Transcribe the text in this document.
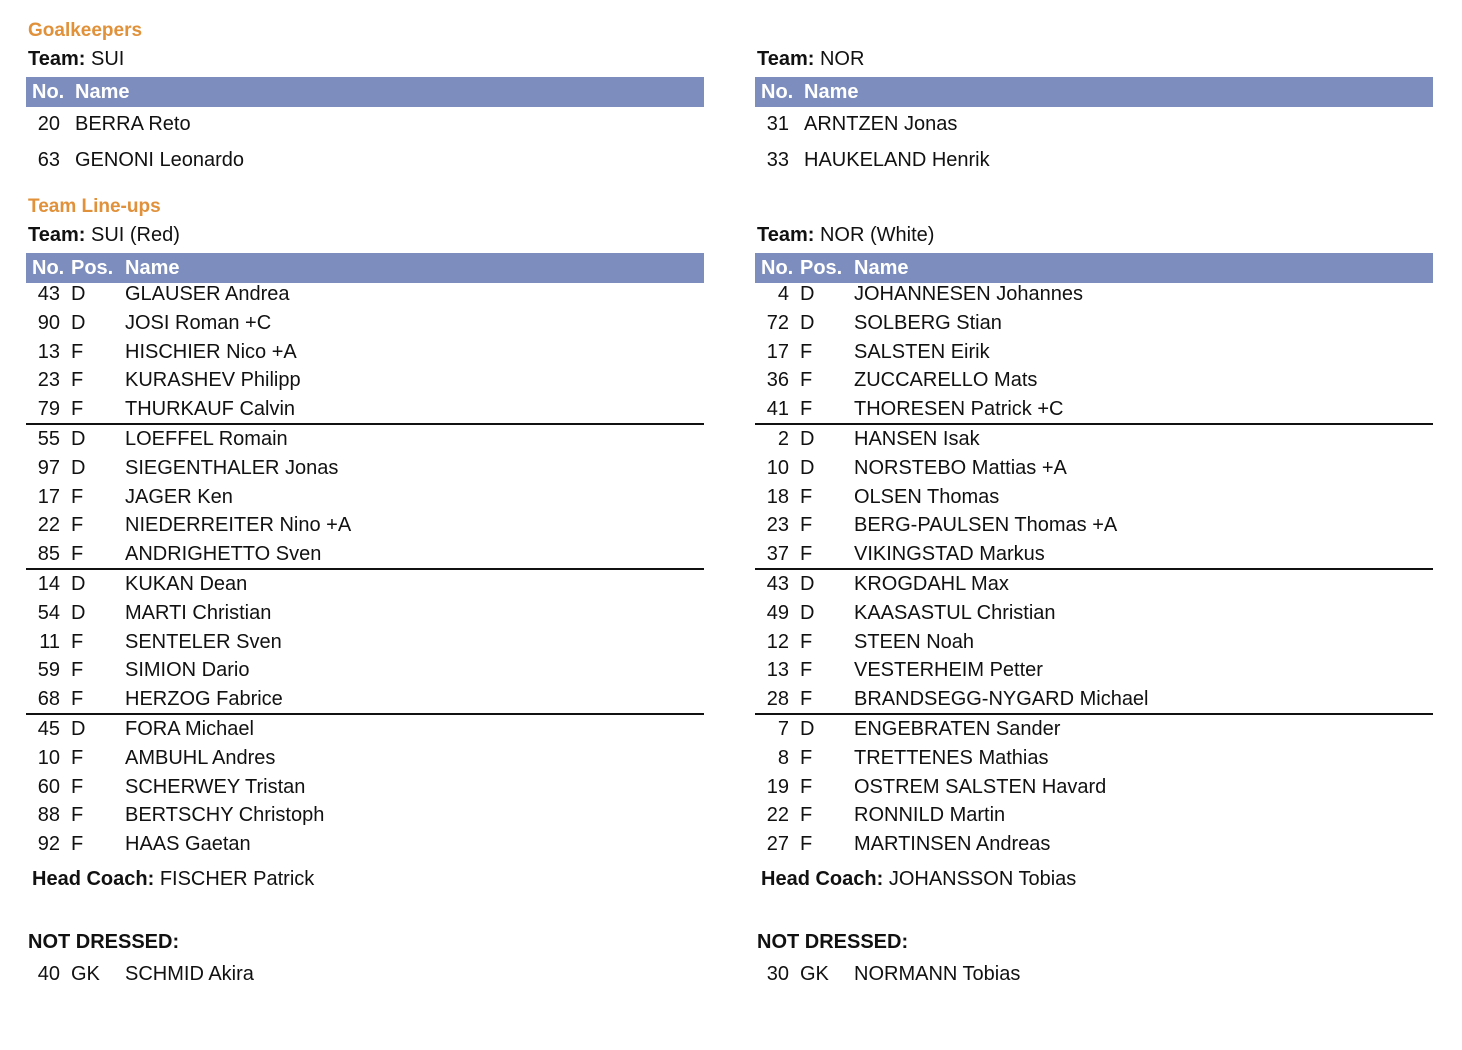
Goalkeepers
Team Line-ups
Team: SUI
No. Name
20 BERRA Reto
63 GENONI Leonardo
Team: SUI (Red)
No. Pos. Name
43 D GLAUSER Andrea
90 D JOSI Roman +C
13 F HISCHIER Nico +A
23 F KURASHEV Philipp
79 F THURKAUF Calvin
55 D LOEFFEL Romain
97 D SIEGENTHALER Jonas
17 F JAGER Ken
22 F NIEDERREITER Nino +A
85 F ANDRIGHETTO Sven
14 D KUKAN Dean
54 D MARTI Christian
11 F SENTELER Sven
59 F SIMION Dario
68 F HERZOG Fabrice
45 D FORA Michael
10 F AMBUHL Andres
60 F SCHERWEY Tristan
88 F BERTSCHY Christoph
92 F HAAS Gaetan
Head Coach: FISCHER Patrick
NOT DRESSED:
40 GK SCHMID Akira
Team: NOR
No. Name
31 ARNTZEN Jonas
33 HAUKELAND Henrik
Team: NOR (White)
No. Pos. Name
4 D JOHANNESEN Johannes
72 D SOLBERG Stian
17 F SALSTEN Eirik
36 F ZUCCARELLO Mats
41 F THORESEN Patrick +C
2 D HANSEN Isak
10 D NORSTEBO Mattias +A
18 F OLSEN Thomas
23 F BERG-PAULSEN Thomas +A
37 F VIKINGSTAD Markus
43 D KROGDAHL Max
49 D KAASASTUL Christian
12 F STEEN Noah
13 F VESTERHEIM Petter
28 F BRANDSEGG-NYGARD Michael
7 D ENGEBRATEN Sander
8 F TRETTENES Mathias
19 F OSTREM SALSTEN Havard
22 F RONNILD Martin
27 F MARTINSEN Andreas
Head Coach: JOHANSSON Tobias
NOT DRESSED:
30 GK NORMANN Tobias
